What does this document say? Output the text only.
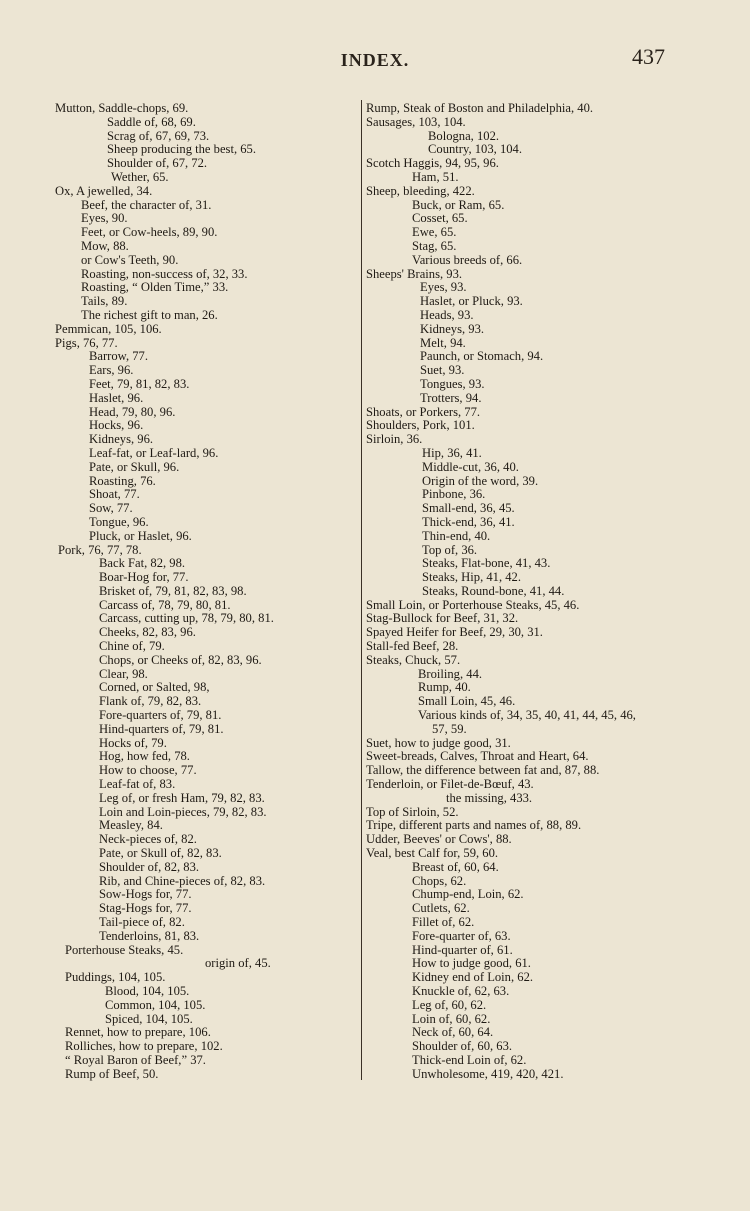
INDEX.	437
Mutton, Saddle-chops, 69.
Saddle of, 68, 69.
Scrag of, 67, 69, 73.
Sheep producing the best, 65.
Shoulder of, 67, 72.
Wether, 65.
Ox, A jewelled, 34.
Beef, the character of, 31.
Eyes, 90.
Feet, or Cow-heels, 89, 90.
Mow, 88.
or Cow's Teeth, 90.
Roasting, non-success of, 32, 33.
Roasting, “ Olden Time,” 33.
Tails, 89.
The richest gift to man, 26.
Pemmican, 105, 106.
Pigs, 76, 77.
Barrow, 77.
Ears, 96.
Feet, 79, 81, 82, 83.
Haslet, 96.
Head, 79, 80, 96.
Hocks, 96.
Kidneys, 96.
Leaf-fat, or Leaf-lard, 96.
Pate, or Skull, 96.
Roasting, 76.
Shoat, 77.
Sow, 77.
Tongue, 96.
Pluck, or Haslet, 96.
Pork, 76, 77, 78.
Back Fat, 82, 98.
Boar-Hog for, 77.
Brisket of, 79, 81, 82, 83, 98.
Carcass of, 78, 79, 80, 81.
Carcass, cutting up, 78, 79, 80, 81.
Cheeks, 82, 83, 96.
Chine of, 79.
Chops, or Cheeks of, 82, 83, 96.
Clear, 98.
Corned, or Salted, 98,
Flank of, 79, 82, 83.
Fore-quarters of, 79, 81.
Hind-quarters of, 79, 81.
Hocks of, 79.
Hog, how fed, 78.
How to choose, 77.
Leaf-fat of, 83.
Leg of, or fresh Ham, 79, 82, 83.
Loin and Loin-pieces, 79, 82, 83.
Measley, 84.
Neck-pieces of, 82.
Pate, or Skull of, 82, 83.
Shoulder of, 82, 83.
Rib, and Chine-pieces of, 82, 83.
Sow-Hogs for, 77.
Stag-Hogs for, 77.
Tail-piece of, 82.
Tenderloins, 81, 83.
Porterhouse Steaks, 45.
origin of, 45.
Puddings, 104, 105.
Blood, 104, 105.
Common, 104, 105.
Spiced, 104, 105.
Rennet, how to prepare, 106.
Rolliches, how to prepare, 102.
“ Royal Baron of Beef,” 37.
Rump of Beef, 50.
Rump, Steak of Boston and Philadelphia, 40.
Sausages, 103, 104.
Bologna, 102.
Country, 103, 104.
Scotch Haggis, 94, 95, 96.
Ham, 51.
Sheep, bleeding, 422.
Buck, or Ram, 65.
Cosset, 65.
Ewe, 65.
Stag, 65.
Various breeds of, 66.
Sheeps' Brains, 93.
Eyes, 93.
Haslet, or Pluck, 93.
Heads, 93.
Kidneys, 93.
Melt, 94.
Paunch, or Stomach, 94.
Suet, 93.
Tongues, 93.
Trotters, 94.
Shoats, or Porkers, 77.
Shoulders, Pork, 101.
Sirloin, 36.
Hip, 36, 41.
Middle-cut, 36, 40.
Origin of the word, 39.
Pinbone, 36.
Small-end, 36, 45.
Thick-end, 36, 41.
Thin-end, 40.
Top of, 36.
Steaks, Flat-bone, 41, 43.
Steaks, Hip, 41, 42.
Steaks, Round-bone, 41, 44.
Small Loin, or Porterhouse Steaks, 45, 46.
Stag-Bullock for Beef, 31, 32.
Spayed Heifer for Beef, 29, 30, 31.
Stall-fed Beef, 28.
Steaks, Chuck, 57.
Broiling, 44.
Rump, 40.
Small Loin, 45, 46.
Various kinds of, 34, 35, 40, 41, 44, 45, 46,
57, 59.
Suet, how to judge good, 31.
Sweet-breads, Calves, Throat and Heart, 64.
Tallow, the difference between fat and, 87, 88.
Tenderloin, or Filet-de-Bœuf, 43.
the missing, 433.
Top of Sirloin, 52.
Tripe, different parts and names of, 88, 89.
Udder, Beeves' or Cows', 88.
Veal, best Calf for, 59, 60.
Breast of, 60, 64.
Chops, 62.
Chump-end, Loin, 62.
Cutlets, 62.
Fillet of, 62.
Fore-quarter of, 63.
Hind-quarter of, 61.
How to judge good, 61.
Kidney end of Loin, 62.
Knuckle of, 62, 63.
Leg of, 60, 62.
Loin of, 60, 62.
Neck of, 60, 64.
Shoulder of, 60, 63.
Thick-end Loin of, 62.
Unwholesome, 419, 420, 421.
